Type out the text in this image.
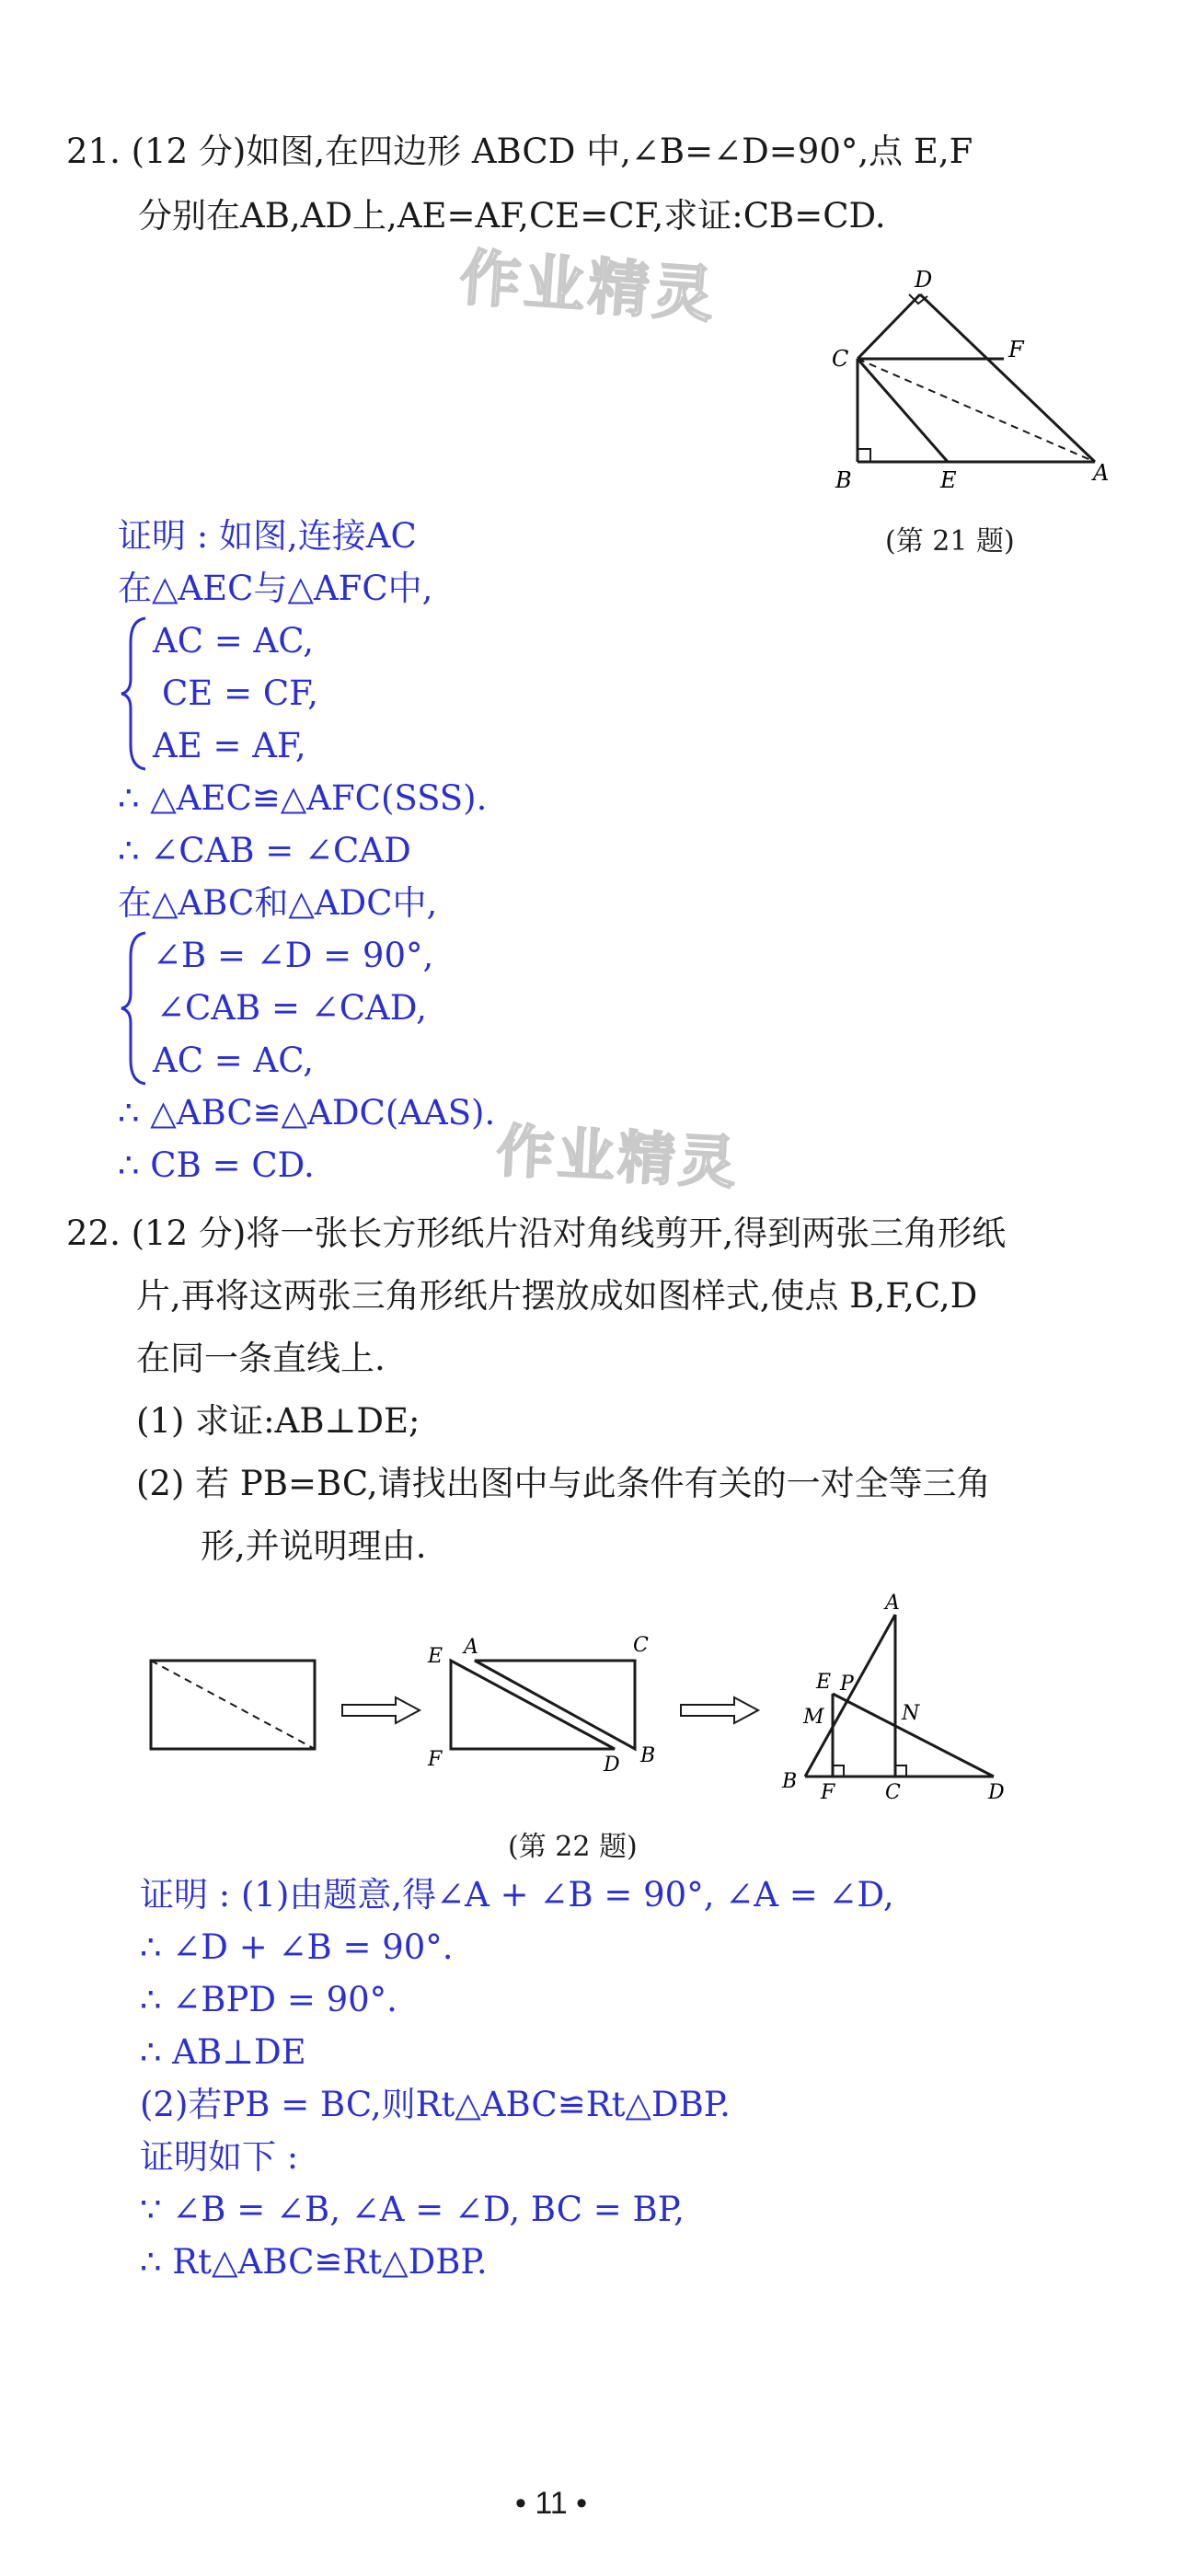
作业精灵
作业精灵
21. (12 分)如图,在四边形 ABCD 中,∠B=∠D=90°,点 E,F
分别在AB,AD上,AE=AF,CE=CF,求证:CB=CD.
D
C	F
B	E	A
(第 21 题)
证明 : 如图,连接AC
在△AEC与△AFC中,
AC = AC,
CE = CF,
AE = AF,
∴ △AEC≌△AFC(SSS).
∴ ∠CAB = ∠CAD
在△ABC和△ADC中,
∠B = ∠D = 90°,
∠CAB = ∠CAD,
AC = AC,
∴ △ABC≌△ADC(AAS).
∴ CB = CD.
22. (12 分)将一张长方形纸片沿对角线剪开,得到两张三角形纸
片,再将这两张三角形纸片摆放成如图样式,使点 B,F,C,D
在同一条直线上.
(1) 求证:AB⊥DE;
(2) 若 PB=BC,请找出图中与此条件有关的一对全等三角
形,并说明理由.
E A	C
F	D B
A
E P
M	N
B F C	D
(第 22 题)
证明 : (1)由题意,得∠A + ∠B = 90°, ∠A = ∠D,
∴ ∠D + ∠B = 90°.
∴ ∠BPD = 90°.
∴ AB⊥DE
(2)若PB = BC,则Rt△ABC≌Rt△DBP.
证明如下 :
∵ ∠B = ∠B, ∠A = ∠D, BC = BP,
∴ Rt△ABC≌Rt△DBP.
• 11 •
